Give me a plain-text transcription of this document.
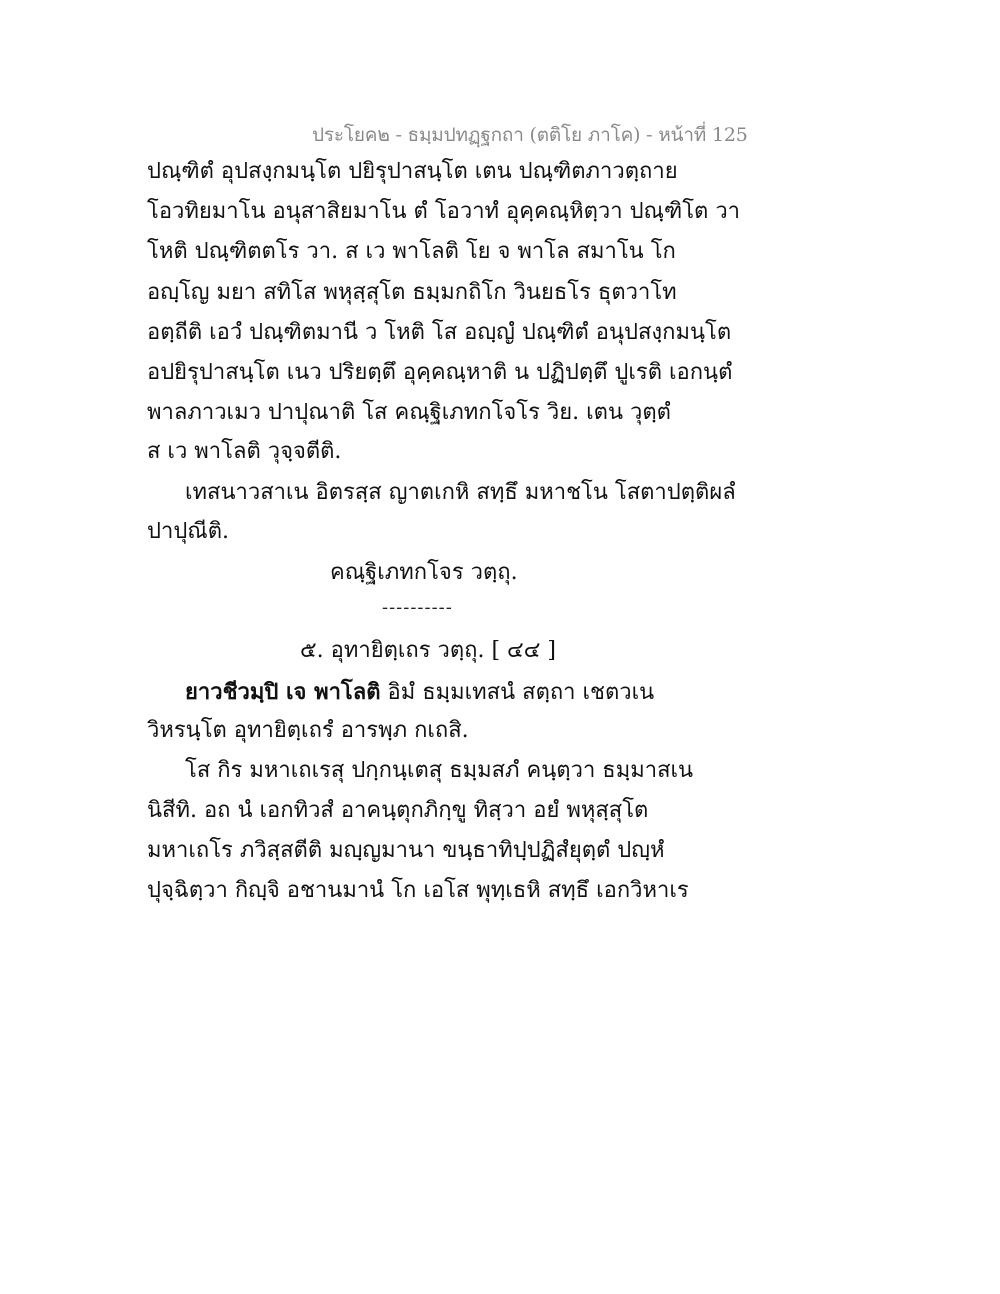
ประโยค๒ - ธมฺมปทฏฺฐกถา (ตติโย ภาโค) - หน้าที่ 125
ปณฺฑิตํ อุปสงฺกมนฺโต ปยิรุปาสนฺโต เตน ปณฺฑิตภาวตฺถาย
โอวทิยมาโน อนุสาสิยมาโน ตํ โอวาทํ อุคฺคณฺหิตฺวา ปณฺฑิโต วา
โหติ ปณฺฑิตตโร วา. ส เว พาโลติ โย จ พาโล สมาโน โก
อญฺโญ มยา สทิโส พหุสฺสุโต ธมฺมกถิโก วินยธโร ธุตวาโท
อตฺถีติ เอวํ ปณฺฑิตมานี ว โหติ โส อญฺญํ ปณฺฑิตํ อนุปสงฺกมนฺโต
อปยิรุปาสนฺโต เนว ปริยตฺตึ อุคฺคณฺหาติ น ปฏิปตฺตึ ปูเรติ เอกนฺตํ
พาลภาวเมว ปาปุณาติ โส คณฺฐิเภทกโจโร วิย. เตน วุตฺตํ
ส เว พาโลติ วุจฺจตีติ.
เทสนาวสาเน อิตรสฺส ญาตเกหิ สทฺธึ มหาชโน โสตาปตฺติผลํ
ปาปุณีติ.
คณฺฐิเภทกโจร วตฺถุ.
----------
๕. อุทายิตฺเถร วตฺถุ. [ ๔๔ ]
ยาวชีวมฺปิ เจ พาโลติ อิมํ ธมฺมเทสนํ สตฺถา เชตวเน
วิหรนฺโต อุทายิตฺเถรํ อารพฺภ กเถสิ.
โส กิร มหาเถเรสุ ปกฺกนฺเตสุ ธมฺมสภํ คนฺตฺวา ธมฺมาสเน
นิสีทิ. อถ นํ เอกทิวสํ อาคนฺตุกภิกฺขู ทิสฺวา อยํ พหุสฺสุโต
มหาเถโร ภวิสฺสตีติ มญฺญมานา ขนฺธาทิปฺปฏิสํยุตฺตํ ปญฺหํ
ปุจฺฉิตฺวา กิญฺจิ อชานมานํ โก เอโส พุทฺเธหิ สทฺธึ เอกวิหาเร
